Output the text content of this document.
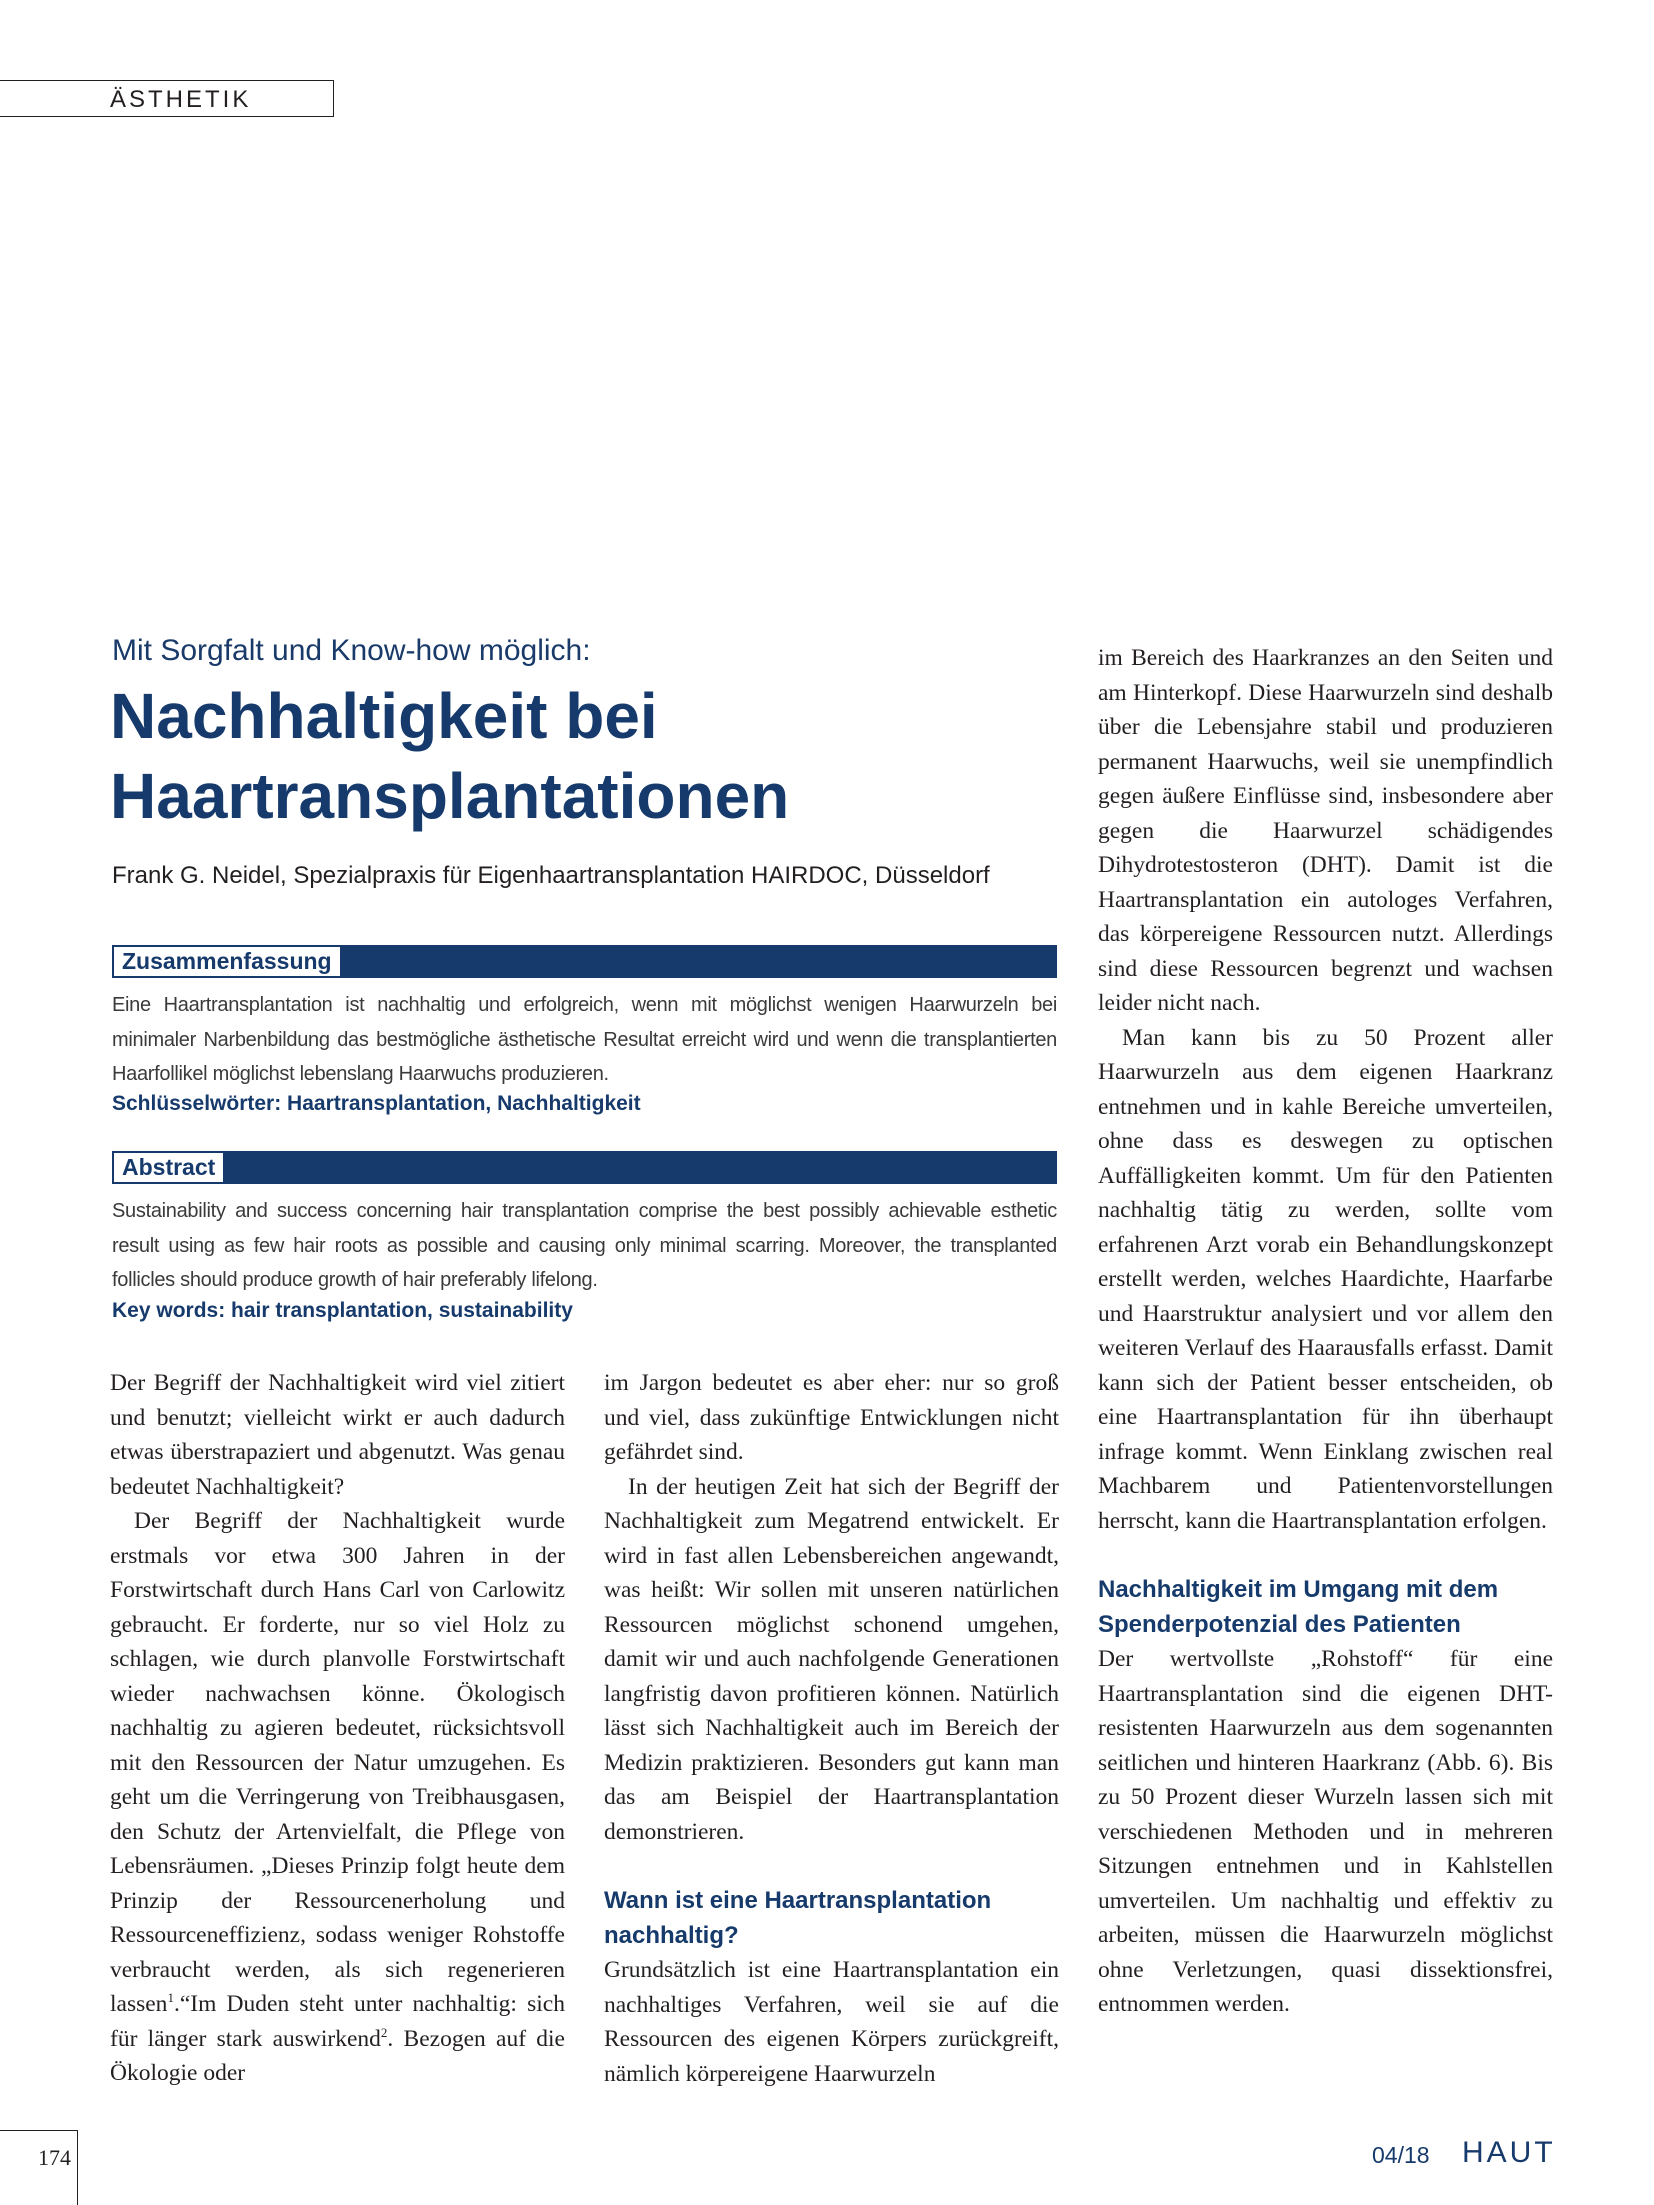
ÄSTHETIK
Mit Sorgfalt und Know-how möglich:
Nachhaltigkeit bei
Haartransplantationen
Frank G. Neidel, Spezialpraxis für Eigenhaartransplantation HAIRDOC, Düsseldorf
Zusammenfassung
Eine Haartransplantation ist nachhaltig und erfolgreich, wenn mit möglichst wenigen Haarwurzeln bei minimaler Narbenbildung das bestmögliche ästhetische Resultat erreicht wird und wenn die transplantierten Haarfollikel möglichst lebenslang Haarwuchs produzieren.
Schlüsselwörter: Haartransplantation, Nachhaltigkeit
Abstract
Sustainability and success concerning hair transplantation comprise the best possibly achievable esthetic result using as few hair roots as possible and causing only minimal scarring. Moreover, the transplanted follicles should produce growth of hair preferably lifelong.
Key words: hair transplantation, sustainability

Der Begriff der Nachhaltigkeit wird viel zitiert und benutzt; vielleicht wirkt er auch dadurch etwas überstrapaziert und abgenutzt. Was genau bedeutet Nachhaltigkeit?

Der Begriff der Nachhaltigkeit wurde erstmals vor etwa 300 Jahren in der Forstwirtschaft durch Hans Carl von Carlowitz gebraucht. Er forderte, nur so viel Holz zu schlagen, wie durch planvolle Forstwirtschaft wieder nachwachsen könne. Ökologisch nachhaltig zu agieren bedeutet, rücksichtsvoll mit den Ressourcen der Natur umzugehen. Es geht um die Verringerung von Treibhausgasen, den Schutz der Artenvielfalt, die Pflege von Lebensräumen. „Dieses Prinzip folgt heute dem Prinzip der Ressourcenerholung und Ressourceneffizienz, sodass weniger Rohstoffe verbraucht werden, als sich regenerieren lassen$^1$.“Im Duden steht unter nachhaltig: sich für länger stark auswirkend$^2$. Bezogen auf die Ökologie oder

im Jargon bedeutet es aber eher: nur so groß und viel, dass zukünftige Entwicklungen nicht gefährdet sind.

In der heutigen Zeit hat sich der Begriff der Nachhaltigkeit zum Megatrend entwickelt. Er wird in fast allen Lebensbereichen angewandt, was heißt: Wir sollen mit unseren natürlichen Ressourcen möglichst schonend umgehen, damit wir und auch nachfolgende Generationen langfristig davon profitieren können. Natürlich lässt sich Nachhaltigkeit auch im Bereich der Medizin praktizieren. Besonders gut kann man das am Beispiel der Haartransplantation demonstrieren.

Wann ist eine Haartransplantation nachhaltig?

Grundsätzlich ist eine Haartransplantation ein nachhaltiges Verfahren, weil sie auf die Ressourcen des eigenen Körpers zurückgreift, nämlich körpereigene Haarwurzeln

im Bereich des Haarkranzes an den Seiten und am Hinterkopf. Diese Haarwurzeln sind deshalb über die Lebensjahre stabil und produzieren permanent Haarwuchs, weil sie unempfindlich gegen äußere Einflüsse sind, insbesondere aber gegen die Haarwurzel schädigendes Dihydrotestosteron (DHT). Damit ist die Haartransplantation ein autologes Verfahren, das körpereigene Ressourcen nutzt. Allerdings sind diese Ressourcen begrenzt und wachsen leider nicht nach.

Man kann bis zu 50 Prozent aller Haarwurzeln aus dem eigenen Haarkranz entnehmen und in kahle Bereiche umverteilen, ohne dass es deswegen zu optischen Auffälligkeiten kommt. Um für den Patienten nachhaltig tätig zu werden, sollte vom erfahrenen Arzt vorab ein Behandlungskonzept erstellt werden, welches Haardichte, Haarfarbe und Haarstruktur analysiert und vor allem den weiteren Verlauf des Haarausfalls erfasst. Damit kann sich der Patient besser entscheiden, ob eine Haartransplantation für ihn überhaupt infrage kommt. Wenn Einklang zwischen real Machbarem und Patientenvorstellungen herrscht, kann die Haartransplantation erfolgen.

Nachhaltigkeit im Umgang mit dem Spenderpotenzial des Patienten

Der wertvollste „Rohstoff“ für eine Haartransplantation sind die eigenen DHT-resistenten Haarwurzeln aus dem sogenannten seitlichen und hinteren Haarkranz (Abb. 6). Bis zu 50 Prozent dieser Wurzeln lassen sich mit verschiedenen Methoden und in mehreren Sitzungen entnehmen und in Kahlstellen umverteilen. Um nachhaltig und effektiv zu arbeiten, müssen die Haarwurzeln möglichst ohne Verletzungen, quasi dissektionsfrei, entnommen werden.

174	04/18 HAUT
